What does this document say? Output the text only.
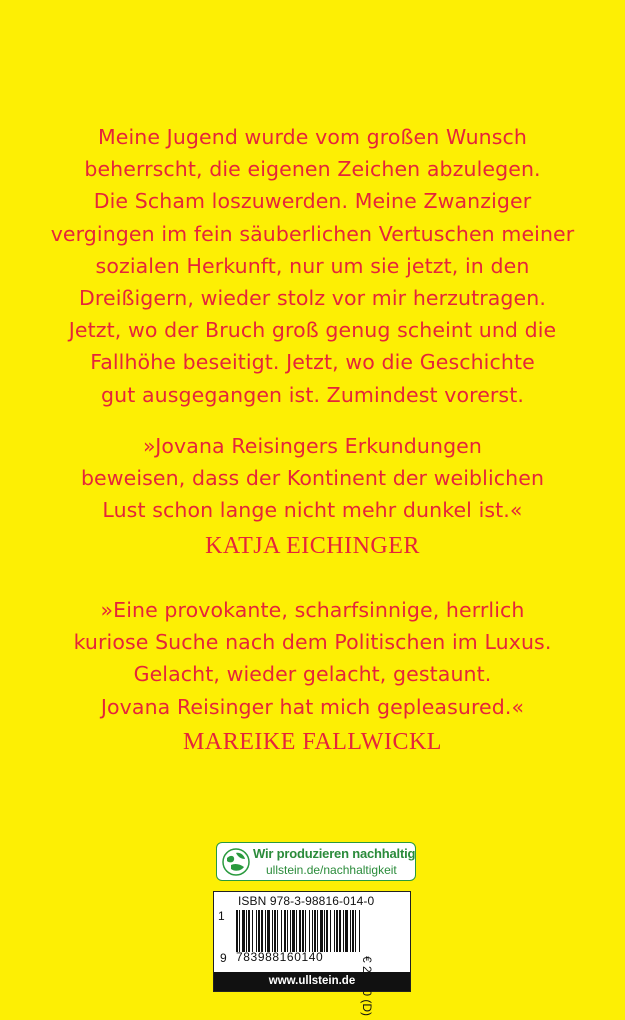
Meine Jugend wurde vom großen Wunsch
beherrscht, die eigenen Zeichen abzulegen.
Die Scham loszuwerden. Meine Zwanziger
vergingen im fein säuberlichen Vertuschen meiner
sozialen Herkunft, nur um sie jetzt, in den
Dreißigern, wieder stolz vor mir herzutragen.
Jetzt, wo der Bruch groß genug scheint und die
Fallhöhe beseitigt. Jetzt, wo die Geschichte
gut ausgegangen ist. Zumindest vorerst.
»Jovana Reisingers Erkundungen
beweisen, dass der Kontinent der weiblichen
Lust schon lange nicht mehr dunkel ist.«
KATJA EICHINGER
»Eine provokante, scharfsinnige, herrlich
kuriose Suche nach dem Politischen im Luxus.
Gelacht, wieder gelacht, gestaunt.
Jovana Reisinger hat mich gepleasured.«
MAREIKE FALLWICKL
Wir produzieren nachhaltig
ullstein.de/nachhaltigkeit
ISBN 978-3-98816-014-0
1
9 783988160140
www.ullstein.de
